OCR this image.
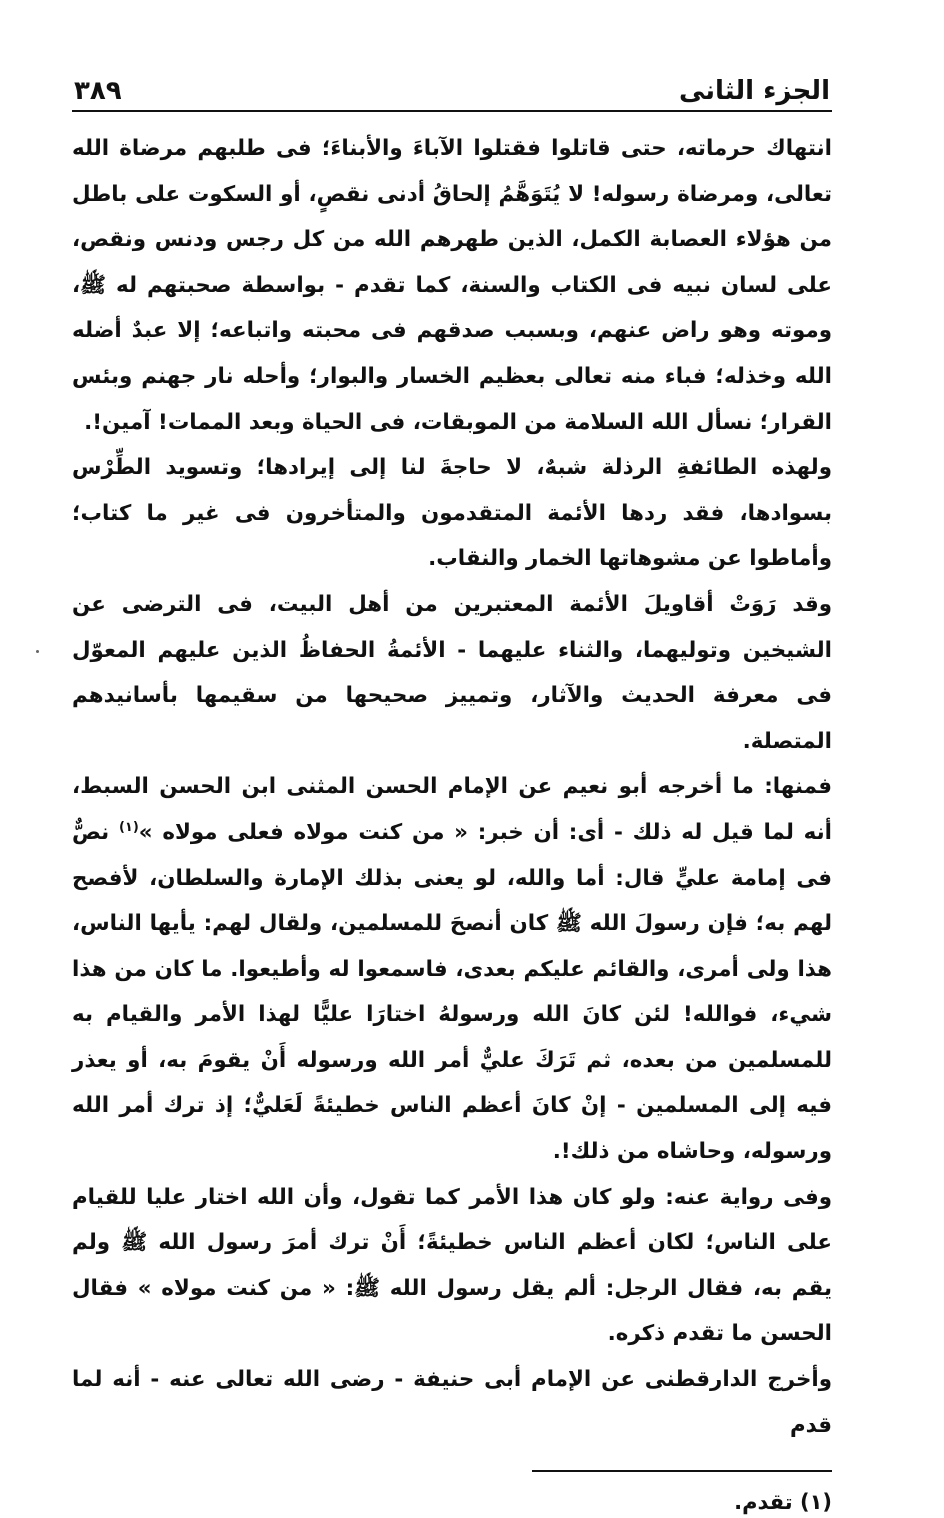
الجزء الثانى
٣٨٩

انتهاك حرماته، حتى قاتلوا فقتلوا الآباءَ والأبناءَ؛ فى طلبهم مرضاة الله تعالى، ومرضاة رسوله! لا يُتَوَهَّمُ إلحاقُ أدنى نقصٍ، أو السكوت على باطل من هؤلاء العصابة الكمل، الذين طهرهم الله من كل رجس ودنس ونقص، على لسان نبيه فى الكتاب والسنة، كما تقدم - بواسطة صحبتهم له ﷺ، وموته وهو راض عنهم، وبسبب صدقهم فى محبته واتباعه؛ إلا عبدٌ أضله الله وخذله؛ فباء منه تعالى بعظيم الخسار والبوار؛ وأحله نار جهنم وبئس القرار؛ نسأل الله السلامة من الموبقات، فى الحياة وبعد الممات! آمين!.

ولهذه الطائفةِ الرذلة شبهٌ، لا حاجةَ لنا إلى إيرادها؛ وتسويد الطِّرْس بسوادها، فقد ردها الأئمة المتقدمون والمتأخرون فى غير ما كتاب؛ وأماطوا عن مشوهاتها الخمار والنقاب.

وقد رَوَتْ أقاويلَ الأئمة المعتبرين من أهل البيت، فى الترضى عن الشيخين وتوليهما، والثناء عليهما - الأئمةُ الحفاظُ الذين عليهم المعوّل فى معرفة الحديث والآثار، وتمييز صحيحها من سقيمها بأسانيدهم المتصلة.

فمنها: ما أخرجه أبو نعيم عن الإمام الحسن المثنى ابن الحسن السبط، أنه لما قيل له ذلك - أى: أن خبر: « من كنت مولاه فعلى مولاه »$^{(١)}$ نصٌّ فى إمامة عليٍّ قال: أما والله، لو يعنى بذلك الإمارة والسلطان، لأفصح لهم به؛ فإن رسولَ الله ﷺ كان أنصحَ للمسلمين، ولقال لهم: يأيها الناس، هذا ولى أمرى، والقائم عليكم بعدى، فاسمعوا له وأطيعوا. ما كان من هذا شيء، فوالله! لئن كانَ الله ورسولهُ اختارَا عليًّا لهذا الأمر والقيام به للمسلمين من بعده، ثم تَرَكَ عليٌّ أمر الله ورسوله أَنْ يقومَ به، أو يعذر فيه إلى المسلمين - إنْ كانَ أعظم الناس خطيئةً لَعَليٌّ؛ إذ ترك أمر الله ورسوله، وحاشاه من ذلك!.

وفى رواية عنه: ولو كان هذا الأمر كما تقول، وأن الله اختار عليا للقيام على الناس؛ لكان أعظم الناس خطيئةً؛ أَنْ ترك أمرَ رسول الله ﷺ ولم يقم به، فقال الرجل: ألم يقل رسول الله ﷺ: « من كنت مولاه » فقال الحسن ما تقدم ذكره.

وأخرج الدارقطنى عن الإمام أبى حنيفة - رضى الله تعالى عنه - أنه لما قدم

(١) تقدم.
